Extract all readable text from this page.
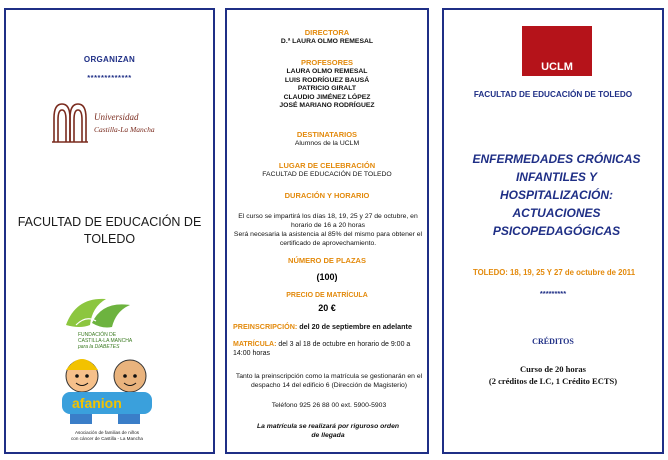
ORGANIZAN
*************
Universidad
Castilla-La Mancha
FACULTAD DE EDUCACIÓN DE
TOLEDO
FUNDACIÓN DE
CASTILLA-LA MANCHA
para la DIABETES
afanion
Asociación de familias de niños
con cáncer de Castilla - La Mancha
DIRECTORA
D.ª LAURA OLMO REMESAL
PROFESORES
LAURA OLMO REMESAL
LUIS RODRÍGUEZ BAUSÁ
PATRICIO GIRALT
CLAUDIO JIMÉNEZ LÓPEZ
JOSÉ MARIANO RODRÍGUEZ
DESTINATARIOS
Alumnos de la UCLM
LUGAR DE CELEBRACIÓN
FACULTAD DE EDUCACIÓN DE TOLEDO
DURACIÓN Y HORARIO
El curso se impartirá los días 18, 19, 25 y 27 de octubre, en horario de 16 a 20 horas
Será necesaria la asistencia al 85% del mismo para obtener el certificado de aprovechamiento.
NÚMERO DE PLAZAS
(100)
PRECIO DE MATRÍCULA
20 €
PREINSCRIPCIÓN: del 20 de septiembre en adelante
MATRÍCULA: del 3 al 18 de octubre en horario de 9:00 a 14:00 horas
Tanto la preinscripción como la matrícula se gestionarán en el despacho 14 del edificio 6 (Dirección de Magisterio)
Teléfono 925 26 88 00 ext. 5900-5903
La matrícula se realizará por riguroso orden de llegada
UCLM
FACULTAD DE EDUCACIÓN DE TOLEDO
ENFERMEDADES CRÓNICAS
INFANTILES Y
HOSPITALIZACIÓN:
ACTUACIONES
PSICOPEDAGÓGICAS
TOLEDO: 18, 19, 25 Y 27 de octubre de 2011
*********
CRÉDITOS
Curso de 20 horas
(2 créditos de LC, 1 Crédito ECTS)
